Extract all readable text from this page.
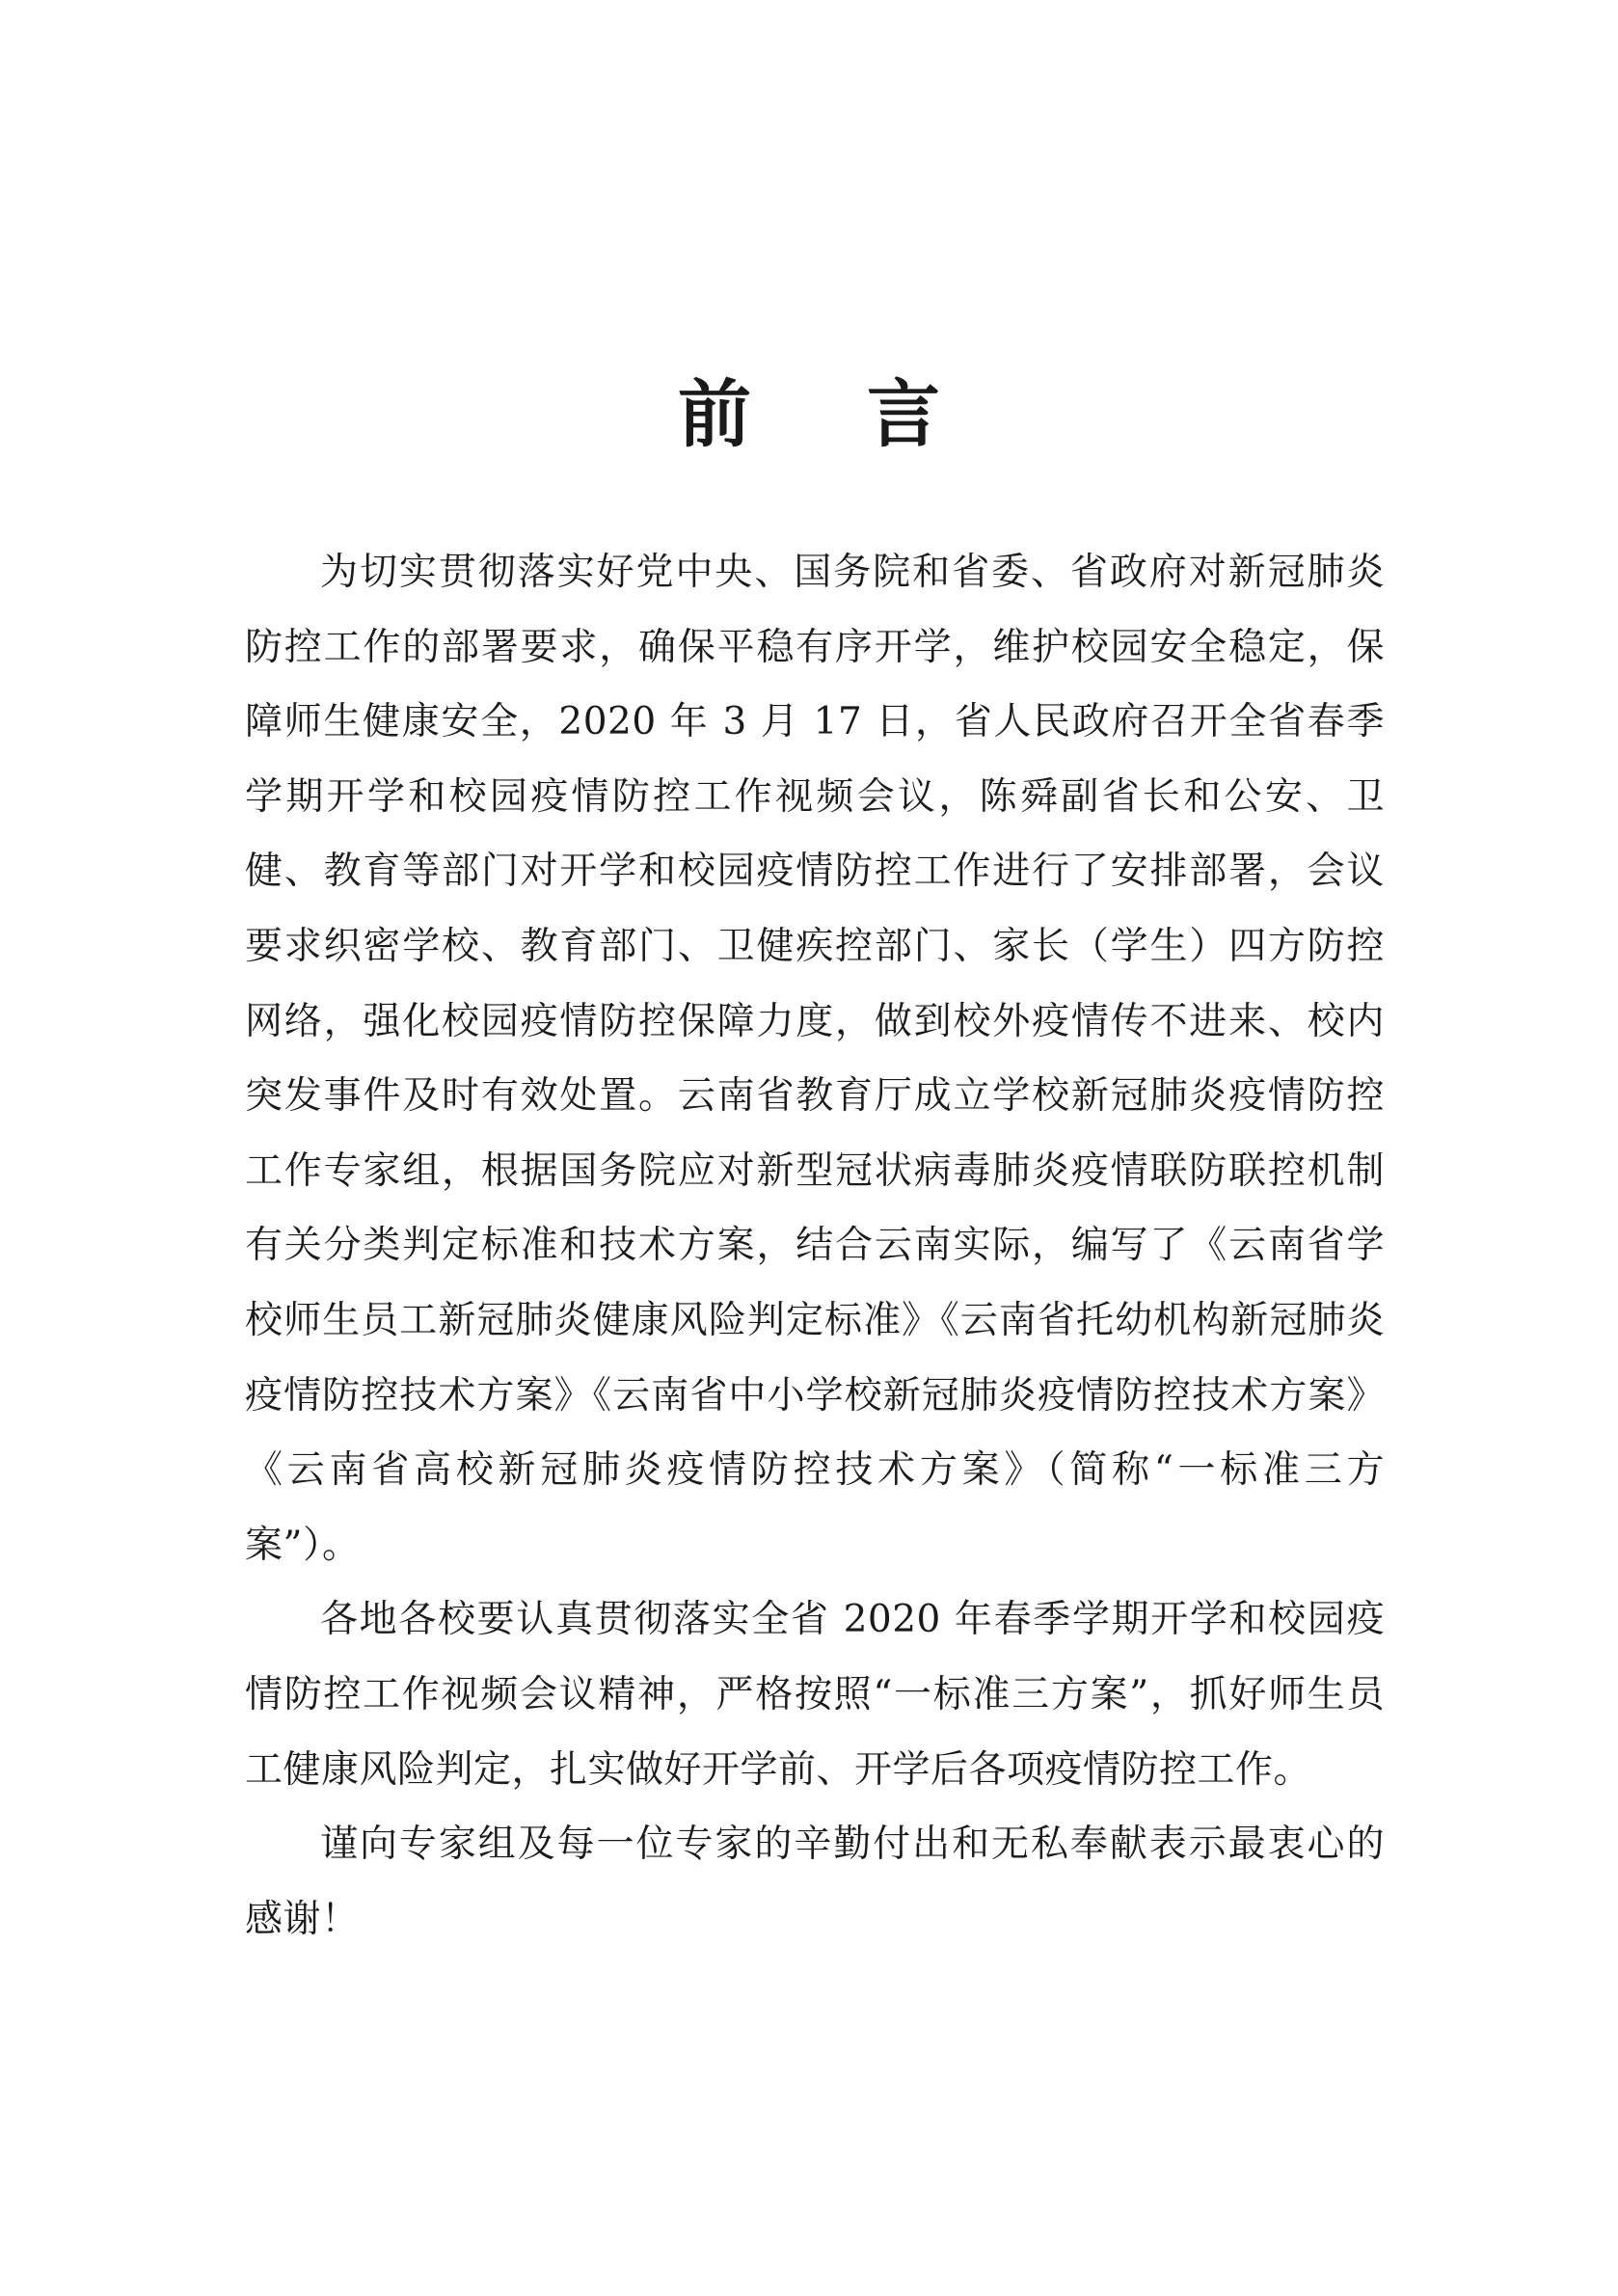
前 言

为切实贯彻落实好党中央、国务院和省委、省政府对新冠肺炎防控工作的部署要求，确保平稳有序开学，维护校园安全稳定，保障师生健康安全，2020 年 3 月 17 日，省人民政府召开全省春季学期开学和校园疫情防控工作视频会议，陈舜副省长和公安、卫健、教育等部门对开学和校园疫情防控工作进行了安排部署，会议要求织密学校、教育部门、卫健疾控部门、家长（学生）四方防控网络，强化校园疫情防控保障力度，做到校外疫情传不进来、校内突发事件及时有效处置。云南省教育厅成立学校新冠肺炎疫情防控工作专家组，根据国务院应对新型冠状病毒肺炎疫情联防联控机制有关分类判定标准和技术方案，结合云南实际，编写了《云南省学校师生员工新冠肺炎健康风险判定标准》《云南省托幼机构新冠肺炎疫情防控技术方案》《云南省中小学校新冠肺炎疫情防控技术方案》《云南省高校新冠肺炎疫情防控技术方案》（简称“一标准三方案”）。

各地各校要认真贯彻落实全省 2020 年春季学期开学和校园疫情防控工作视频会议精神，严格按照“一标准三方案”，抓好师生员工健康风险判定，扎实做好开学前、开学后各项疫情防控工作。

谨向专家组及每一位专家的辛勤付出和无私奉献表示最衷心的感谢！
